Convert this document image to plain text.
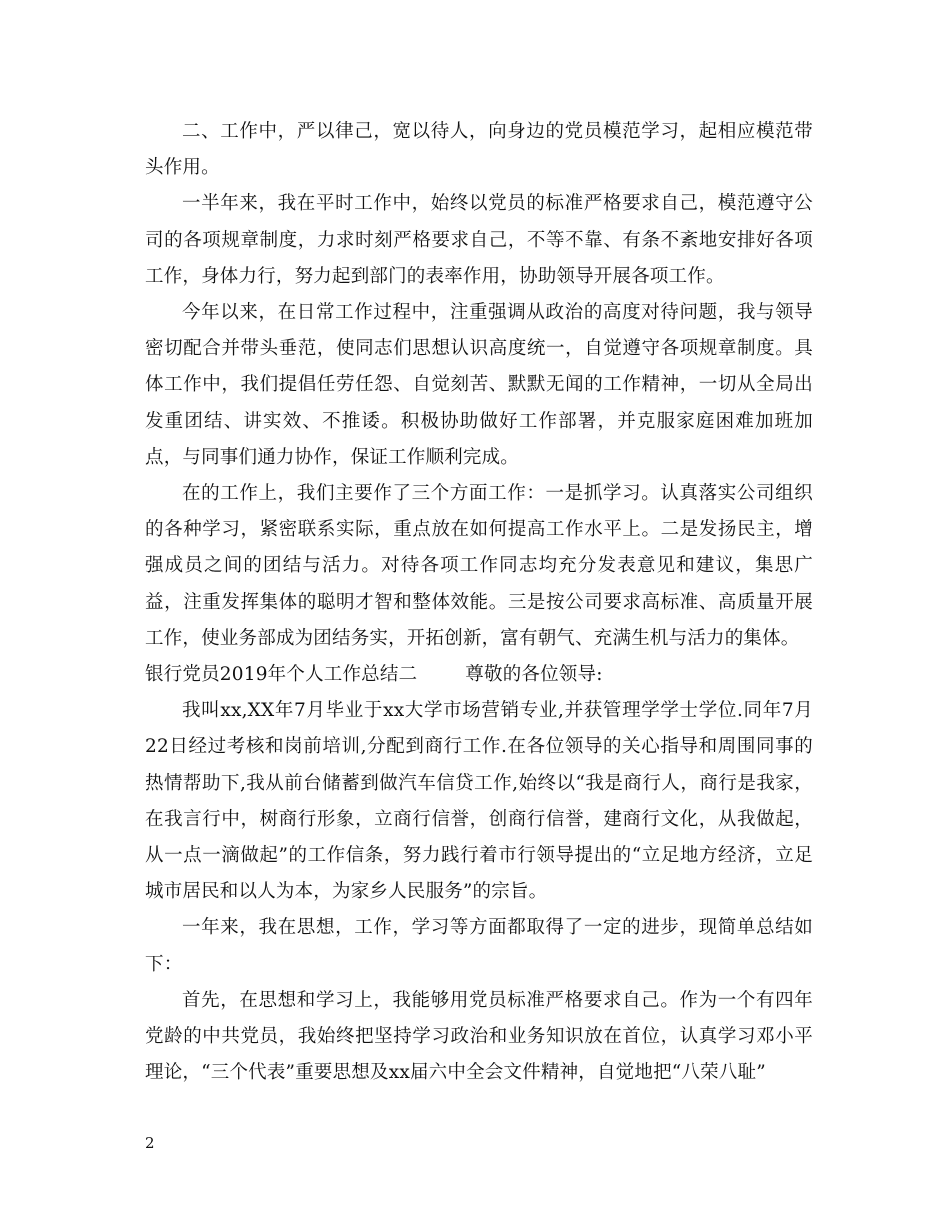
二、工作中，严以律己，宽以待人，向身边的党员模范学习，起相应模范带头作用。

一半年来，我在平时工作中，始终以党员的标准严格要求自己，模范遵守公司的各项规章制度，力求时刻严格要求自己，不等不靠、有条不紊地安排好各项工作，身体力行，努力起到部门的表率作用，协助领导开展各项工作。

今年以来，在日常工作过程中，注重强调从政治的高度对待问题，我与领导密切配合并带头垂范，使同志们思想认识高度统一，自觉遵守各项规章制度。具体工作中，我们提倡任劳任怨、自觉刻苦、默默无闻的工作精神，一切从全局出发重团结、讲实效、不推诿。积极协助做好工作部署，并克服家庭困难加班加点，与同事们通力协作，保证工作顺利完成。

在的工作上，我们主要作了三个方面工作：一是抓学习。认真落实公司组织的各种学习，紧密联系实际，重点放在如何提高工作水平上。二是发扬民主，增强成员之间的团结与活力。对待各项工作同志均充分发表意见和建议，集思广益，注重发挥集体的聪明才智和整体效能。三是按公司要求高标准、高质量开展工作，使业务部成为团结务实，开拓创新，富有朝气、充满生机与活力的集体。

银行党员2019年个人工作总结二	尊敬的各位领导:

我叫xx,XX年7月毕业于xx大学市场营销专业,并获管理学学士学位.同年7月22日经过考核和岗前培训,分配到商行工作.在各位领导的关心指导和周围同事的热情帮助下,我从前台储蓄到做汽车信贷工作,始终以“我是商行人，商行是我家，在我言行中，树商行形象，立商行信誉，创商行信誉，建商行文化，从我做起，从一点一滴做起”的工作信条，努力践行着市行领导提出的“立足地方经济，立足城市居民和以人为本，为家乡人民服务”的宗旨。

一年来，我在思想，工作，学习等方面都取得了一定的进步，现简单总结如下：

首先，在思想和学习上，我能够用党员标准严格要求自己。作为一个有四年党龄的中共党员，我始终把坚持学习政治和业务知识放在首位，认真学习邓小平理论，“三个代表”重要思想及xx届六中全会文件精神，自觉地把“八荣八耻”

2
